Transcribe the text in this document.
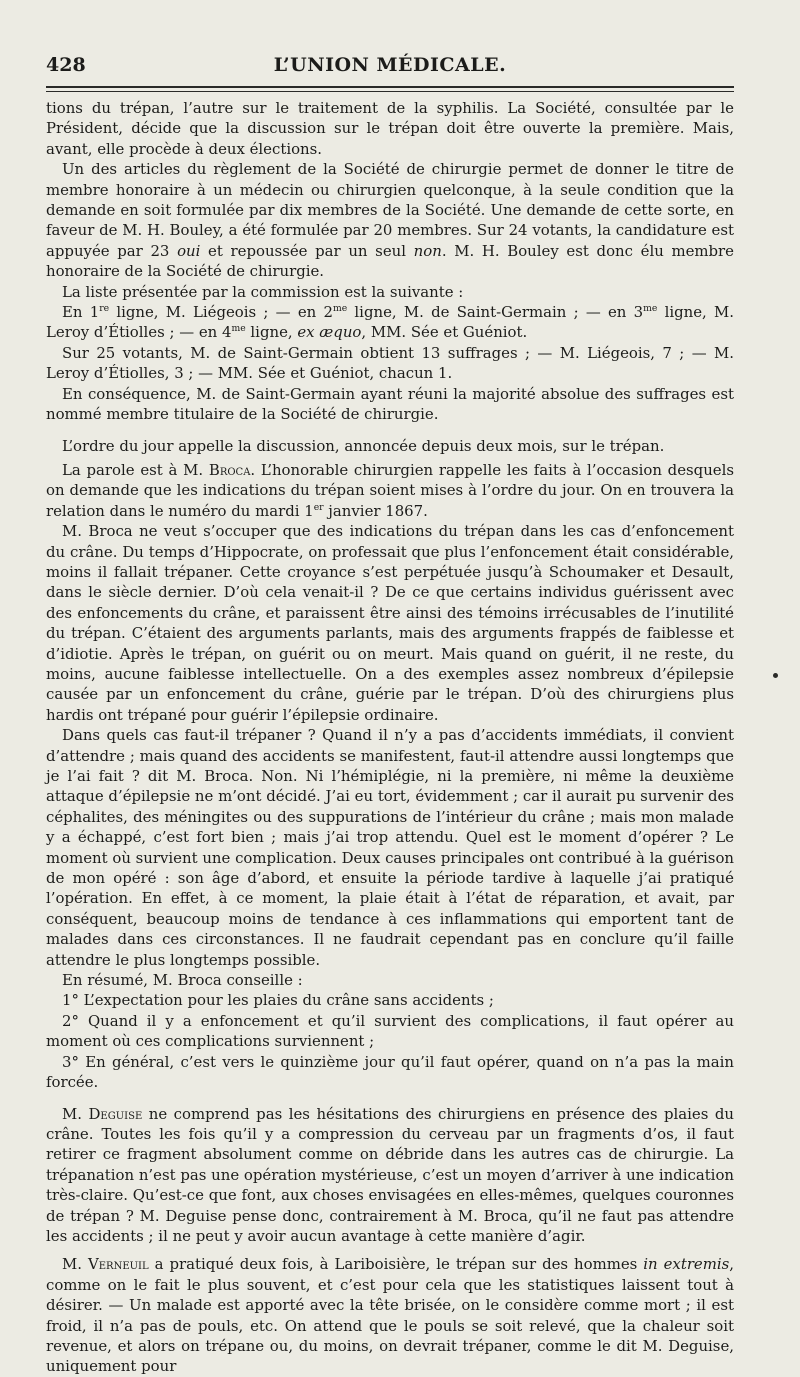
428	L’UNION MÉDICALE.

tions du trépan, l’autre sur le traitement de la syphilis. La Société, consultée par le Président, décide que la discussion sur le trépan doit être ouverte la première. Mais, avant, elle procède à deux élections.

Un des articles du règlement de la Société de chirurgie permet de donner le titre de membre honoraire à un médecin ou chirurgien quelconque, à la seule condition que la demande en soit formulée par dix membres de la Société. Une demande de cette sorte, en faveur de M. H. Bouley, a été formulée par 20 membres. Sur 24 votants, la candidature est appuyée par 23 oui et repoussée par un seul non. M. H. Bouley est donc élu membre honoraire de la Société de chirurgie.

La liste présentée par la commission est la suivante :

En 1re ligne, M. Liégeois ; — en $2^{me}$ ligne, M. de Saint-Germain ; — en $3^{me}$ ligne, M. Leroy d’Étiolles ; — en $4^{me}$ ligne, ex æquo, MM. Sée et Guéniot.

Sur 25 votants, M. de Saint-Germain obtient 13 suffrages ; — M. Liégeois, 7 ; — M. Leroy d’Étiolles, 3 ; — MM. Sée et Guéniot, chacun 1.

En conséquence, M. de Saint-Germain ayant réuni la majorité absolue des suffrages est nommé membre titulaire de la Société de chirurgie.

L’ordre du jour appelle la discussion, annoncée depuis deux mois, sur le trépan.

La parole est à M. Broca. L’honorable chirurgien rappelle les faits à l’occasion desquels on demande que les indications du trépan soient mises à l’ordre du jour. On en trouvera la relation dans le numéro du mardi 1er janvier 1867.

M. Broca ne veut s’occuper que des indications du trépan dans les cas d’enfoncement du crâne. Du temps d’Hippocrate, on professait que plus l’enfoncement était considérable, moins il fallait trépaner. Cette croyance s’est perpétuée jusqu’à Schoumaker et Desault, dans le siècle dernier. D’où cela venait-il ? De ce que certains individus guérissent avec des enfoncements du crâne, et paraissent être ainsi des témoins irrécusables de l’inutilité du trépan. C’étaient des arguments parlants, mais des arguments frappés de faiblesse et d’idiotie. Après le trépan, on guérit ou on meurt. Mais quand on guérit, il ne reste, du moins, aucune faiblesse intellectuelle. On a des exemples assez nombreux d’épilepsie causée par un enfoncement du crâne, guérie par le trépan. D’où des chirurgiens plus hardis ont trépané pour guérir l’épilepsie ordinaire.

Dans quels cas faut-il trépaner ? Quand il n’y a pas d’accidents immédiats, il convient d’attendre ; mais quand des accidents se manifestent, faut-il attendre aussi longtemps que je l’ai fait ? dit M. Broca. Non. Ni l’hémiplégie, ni la première, ni même la deuxième attaque d’épilepsie ne m’ont décidé. J’ai eu tort, évidemment ; car il aurait pu survenir des céphalites, des méningites ou des suppurations de l’intérieur du crâne ; mais mon malade y a échappé, c’est fort bien ; mais j’ai trop attendu. Quel est le moment d’opérer ? Le moment où survient une complication. Deux causes principales ont contribué à la guérison de mon opéré : son âge d’abord, et ensuite la période tardive à laquelle j’ai pratiqué l’opération. En effet, à ce moment, la plaie était à l’état de réparation, et avait, par conséquent, beaucoup moins de tendance à ces inflammations qui emportent tant de malades dans ces circonstances. Il ne faudrait cependant pas en conclure qu’il faille attendre le plus longtemps possible.

En résumé, M. Broca conseille :

1° L’expectation pour les plaies du crâne sans accidents ;

2° Quand il y a enfoncement et qu’il survient des complications, il faut opérer au moment où ces complications surviennent ;

3° En général, c’est vers le quinzième jour qu’il faut opérer, quand on n’a pas la main forcée.

M. Deguise ne comprend pas les hésitations des chirurgiens en présence des plaies du crâne. Toutes les fois qu’il y a compression du cerveau par un fragments d’os, il faut retirer ce fragment absolument comme on débride dans les autres cas de chirurgie. La trépanation n’est pas une opération mystérieuse, c’est un moyen d’arriver à une indication très-claire. Qu’est-ce que font, aux choses envisagées en elles-mêmes, quelques couronnes de trépan ? M. Deguise pense donc, contrairement à M. Broca, qu’il ne faut pas attendre les accidents ; il ne peut y avoir aucun avantage à cette manière d’agir.

M. Verneuil a pratiqué deux fois, à Lariboisière, le trépan sur des hommes in extremis, comme on le fait le plus souvent, et c’est pour cela que les statistiques laissent tout à désirer. — Un malade est apporté avec la tête brisée, on le considère comme mort ; il est froid, il n’a pas de pouls, etc. On attend que le pouls se soit relevé, que la chaleur soit revenue, et alors on trépane ou, du moins, on devrait trépaner, comme le dit M. Deguise, uniquement pour
